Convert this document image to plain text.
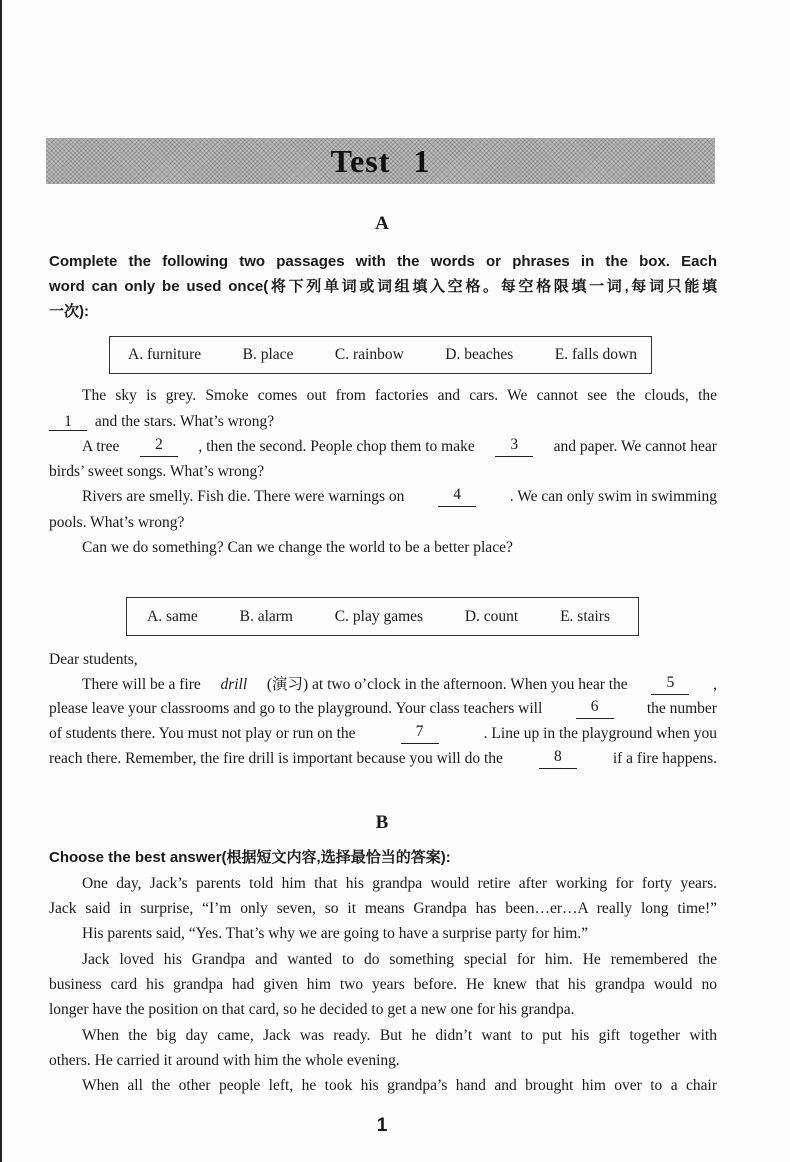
Test 1
A
Complete the following two passages with the words or phrases in the box. Each
word can only be used once(将下列单词或词组填入空格。每空格限填一词,每词只能填
一次):
A. furniture	B. place	C. rainbow	D. beaches	E. falls down
The sky is grey. Smoke comes out from factories and cars. We cannot see the clouds, the
1 and the stars. What’s wrong?
A tree	2	, then the second. People chop them to make	3	and paper. We cannot hear
birds’ sweet songs. What’s wrong?
Rivers are smelly. Fish die. There were warnings on	4	. We can only swim in swimming
pools. What’s wrong?
Can we do something? Can we change the world to be a better place?
A. same	B. alarm	C. play games	D. count	E. stairs
Dear students,
There will be a fire drill (演习) at two o’clock in the afternoon. When you hear the	5	,
please leave your classrooms and go to the playground. Your class teachers will	6	the number
of students there. You must not play or run on the	7	. Line up in the playground when you
reach there. Remember, the fire drill is important because you will do the	8	if a fire happens.
B
Choose the best answer(根据短文内容,选择最恰当的答案):
One day, Jack’s parents told him that his grandpa would retire after working for forty years.
Jack said in surprise, “I’m only seven, so it means Grandpa has been…er…A really long time!”
His parents said, “Yes. That’s why we are going to have a surprise party for him.”
Jack loved his Grandpa and wanted to do something special for him. He remembered the
business card his grandpa had given him two years before. He knew that his grandpa would no
longer have the position on that card, so he decided to get a new one for his grandpa.
When the big day came, Jack was ready. But he didn’t want to put his gift together with
others. He carried it around with him the whole evening.
When all the other people left, he took his grandpa’s hand and brought him over to a chair
1
